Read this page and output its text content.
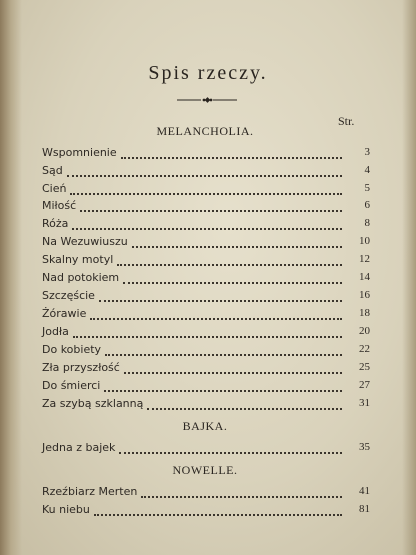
Spis rzeczy.
Str.
MELANCHOLIA.
Wspomnienie	3
Sąd	4
Cień	5
Miłość	6
Róża	8
Na Wezuwiuszu	10
Skalny motyl	12
Nad potokiem	14
Szczęście	16
Żórawie	18
Jodła	20
Do kobiety	22
Zła przyszłość	25
Do śmierci	27
Za szybą szklanną	31
BAJKA.
Jedna z bajek	35
NOWELLE.
Rzeźbiarz Merten	41
Ku niebu	81
